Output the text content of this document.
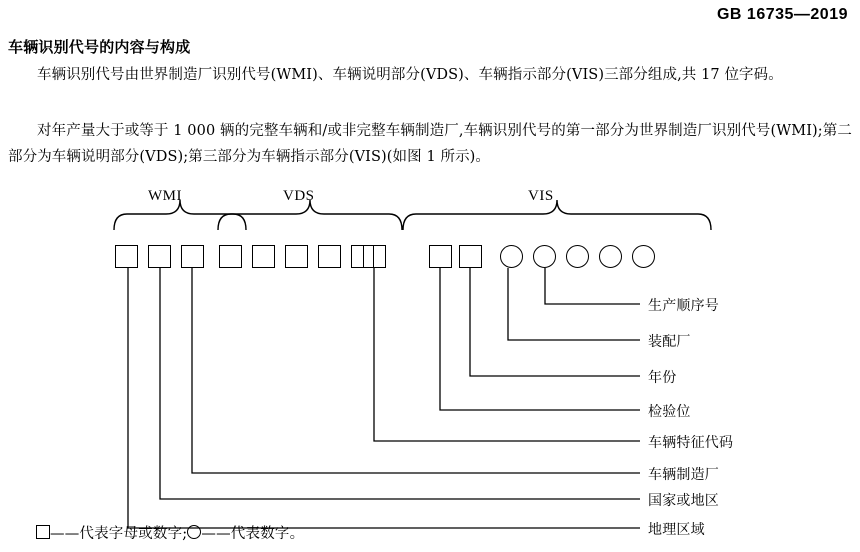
GB 16735—2019
车辆识别代号的内容与构成
车辆识别代号由世界制造厂识别代号(WMI)、车辆说明部分(VDS)、车辆指示部分(VIS)三部分组成,共 17 位字码。
对年产量大于或等于 1 000 辆的完整车辆和/或非完整车辆制造厂,车辆识别代号的第一部分为世界制造厂识别代号(WMI);第二部分为车辆说明部分(VDS);第三部分为车辆指示部分(VIS)(如图 1 所示)。
WMI	VDS	VIS
生产顺序号
装配厂
年份
检验位
车辆特征代码
车辆制造厂
国家或地区
地理区域
——代表字母或数字; ——代表数字。
